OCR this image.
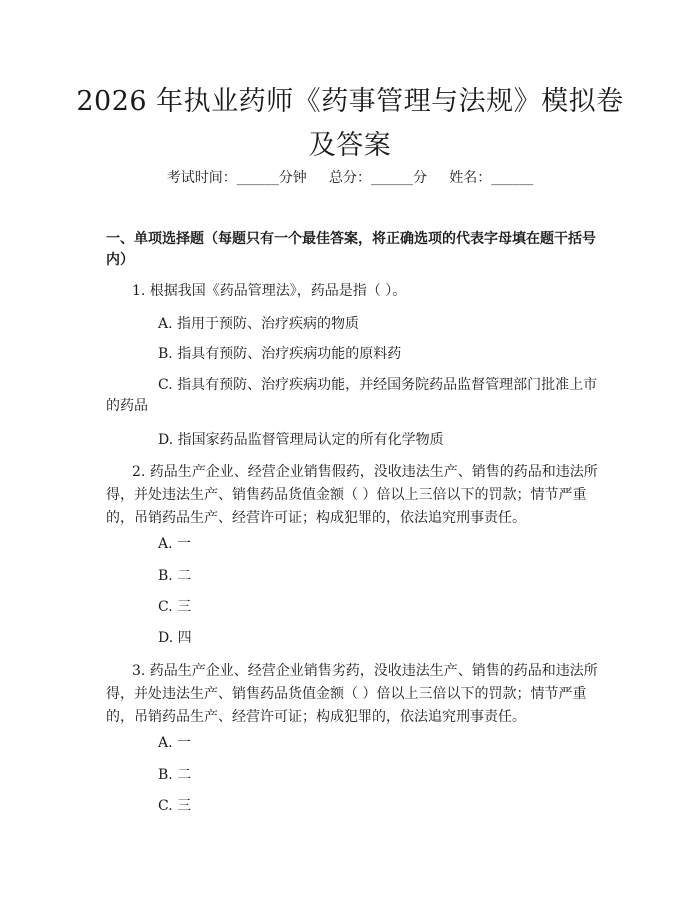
2026 年执业药师《药事管理与法规》模拟卷
及答案
考试时间：______分钟     总分：______分     姓名：______
一、单项选择题（每题只有一个最佳答案，将正确选项的代表字母填在题干括号内）
1. 根据我国《药品管理法》，药品是指（ ）。
A. 指用于预防、治疗疾病的物质
B. 指具有预防、治疗疾病功能的原料药
C. 指具有预防、治疗疾病功能，并经国务院药品监督管理部门批准上市的药品
D. 指国家药品监督管理局认定的所有化学物质
2. 药品生产企业、经营企业销售假药，没收违法生产、销售的药品和违法所得，并处违法生产、销售药品货值金额（ ）倍以上三倍以下的罚款；情节严重的，吊销药品生产、经营许可证；构成犯罪的，依法追究刑事责任。
A. 一
B. 二
C. 三
D. 四
3. 药品生产企业、经营企业销售劣药，没收违法生产、销售的药品和违法所得，并处违法生产、销售药品货值金额（ ）倍以上三倍以下的罚款；情节严重的，吊销药品生产、经营许可证；构成犯罪的，依法追究刑事责任。
A. 一
B. 二
C. 三
